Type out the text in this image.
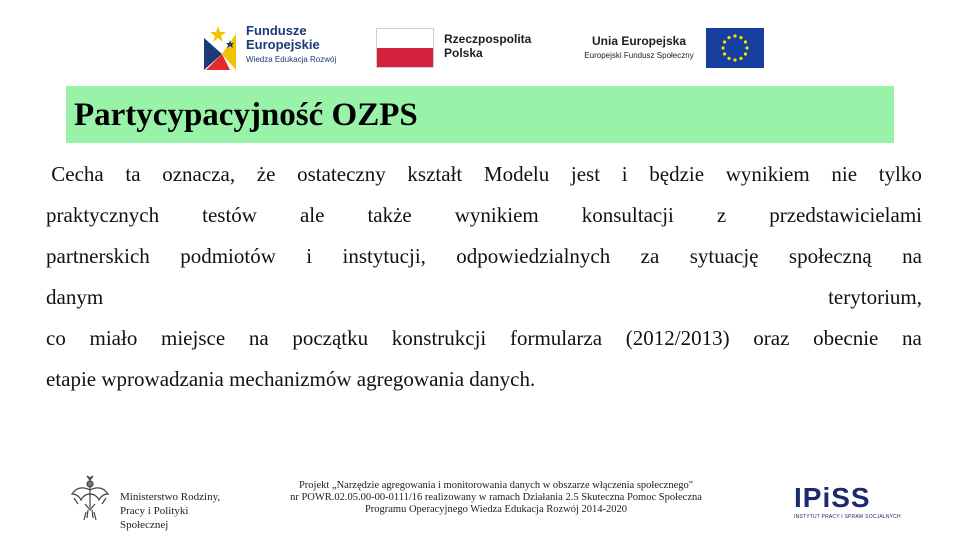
Fundusze
Europejskie
Wiedza Edukacja Rozwój
Rzeczpospolita
Polska
Unia Europejska
Europejski Fundusz Społeczny
Partycypacyjność OZPS
Cecha ta oznacza, że ostateczny kształt Modelu jest i będzie wynikiem nie tylko
praktycznych testów ale także wynikiem konsultacji z przedstawicielami
partnerskich podmiotów i instytucji, odpowiedzialnych za sytuację społeczną na
danym	terytorium,
co miało miejsce na początku konstrukcji formularza (2012/2013) oraz obecnie na
etapie wprowadzania mechanizmów agregowania danych.
Ministerstwo Rodziny,
Pracy i Polityki Społecznej
Projekt „Narzędzie agregowania i monitorowania danych w obszarze włączenia społecznego"
nr POWR.02.05.00-00-0111/16 realizowany w ramach Działania 2.5 Skuteczna Pomoc Społeczna
Programu Operacyjnego Wiedza Edukacja Rozwój 2014-2020	IPiSS
INSTYTUT PRACY I SPRAW SOCJALNYCH
